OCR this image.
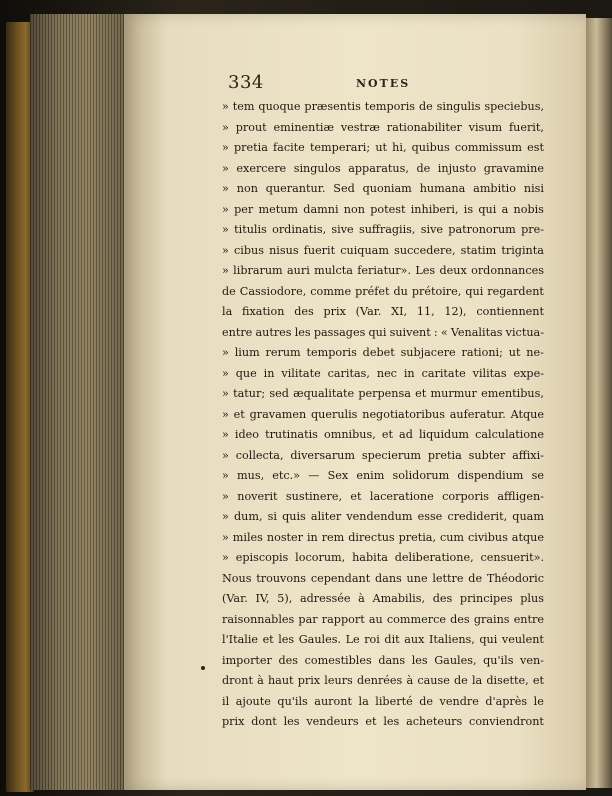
334	NOTES
» tem quoque præsentis temporis de singulis speciebus,
» prout eminentiæ vestræ rationabiliter visum fuerit,
» pretia facite temperari; ut hi, quibus commissum est
» exercere singulos apparatus, de injusto gravamine
» non querantur. Sed quoniam humana ambitio nisi
» per metum damni non potest inhiberi, is qui a nobis
» titulis ordinatis, sive suffragiis, sive patronorum pre-
» cibus nisus fuerit cuiquam succedere, statim triginta
» librarum auri mulcta feriatur». Les deux ordonnances
de Cassiodore, comme préfet du prétoire, qui regardent
la fixation des prix (Var. XI, 11, 12), contiennent
entre autres les passages qui suivent : « Venalitas victua-
» lium rerum temporis debet subjacere rationi; ut ne-
» que in vilitate caritas, nec in caritate vilitas expe-
» tatur; sed æqualitate perpensa et murmur ementibus,
» et gravamen querulis negotiatoribus auferatur. Atque
» ideo trutinatis omnibus, et ad liquidum calculatione
» collecta, diversarum specierum pretia subter affixi-
» mus, etc.» — Sex enim solidorum dispendium se
» noverit sustinere, et laceratione corporis affligen-
» dum, si quis aliter vendendum esse crediderit, quam
» miles noster in rem directus pretia, cum civibus atque
» episcopis locorum, habita deliberatione, censuerit».
Nous trouvons cependant dans une lettre de Théodoric
(Var. IV, 5), adressée à Amabilis, des principes plus
raisonnables par rapport au commerce des grains entre
l'Italie et les Gaules. Le roi dit aux Italiens, qui veulent
importer des comestibles dans les Gaules, qu'ils ven-
dront à haut prix leurs denrées à cause de la disette, et
il ajoute qu'ils auront la liberté de vendre d'après le
prix dont les vendeurs et les acheteurs conviendront
